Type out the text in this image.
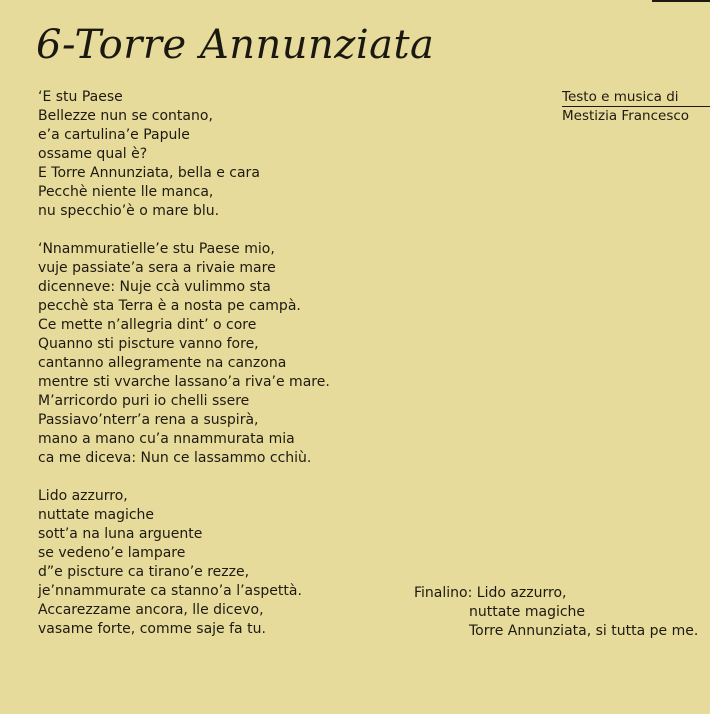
6-Torre Annunziata
‘E stu Paese
Bellezze nun se contano,
e’a cartulina’e Papule
ossame qual è?
E Torre Annunziata, bella e cara
Pecchè niente lle manca,
nu specchio’è o mare blu.
‘Nnammuratielle’e stu Paese mio,
vuje passiate’a sera a rivaie mare
dicenneve: Nuje ccà vulimmo sta
pecchè sta Terra è a nosta pe campà.
Ce mette n’allegria dint’ o core
Quanno sti piscture vanno fore,
cantanno allegramente na canzona
mentre sti vvarche lassano’a riva’e mare.
M’arricordo puri io chelli ssere
Passiavo’nterr’a rena a suspirà,
mano a mano cu’a nnammurata mia
ca me diceva: Nun ce lassammo cchiù.
Lido azzurro,
nuttate magiche
sott’a na luna arguente
se vedeno’e lampare
d”e piscture ca tirano’e rezze,
je’nnammurate ca stanno’a l’aspettà.
Accarezzame ancora, lle dicevo,
vasame forte, comme saje fa tu.
Testo e musica di
Mestizia Francesco
Finalino: Lido azzurro,
nuttate magiche
Torre Annunziata, si tutta pe me.
